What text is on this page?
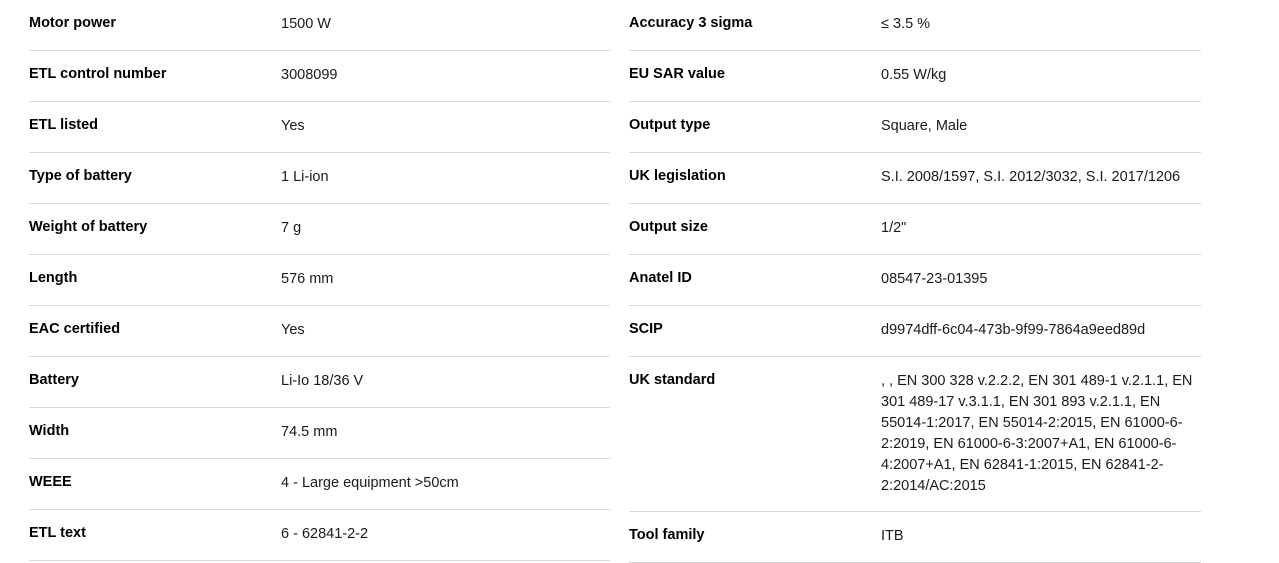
Motor power	1500 W
ETL control number	3008099
ETL listed	Yes
Type of battery	1 Li-ion
Weight of battery	7 g
Length	576 mm
EAC certified	Yes
Battery	Li-Io 18/36 V
Width	74.5 mm
WEEE	4 - Large equipment >50cm
ETL text	6 - 62841-2-2
Accuracy 3 sigma	≤ 3.5 %
EU SAR value	0.55 W/kg
Output type	Square, Male
UK legislation	S.I. 2008/1597, S.I. 2012/3032, S.I. 2017/1206
Output size	1/2"
Anatel ID	08547-23-01395
SCIP	d9974dff-6c04-473b-9f99-7864a9eed89d
UK standard	, , EN 300 328 v.2.2.2, EN 301 489-1 v.2.1.1, EN 301 489-17 v.3.1.1, EN 301 893 v.2.1.1, EN 55014-1:2017, EN 55014-2:2015, EN 61000-6-2:2019, EN 61000-6-3:2007+A1, EN 61000-6-4:2007+A1, EN 62841-1:2015, EN 62841-2-2:2014/AC:2015
Tool family	ITB
